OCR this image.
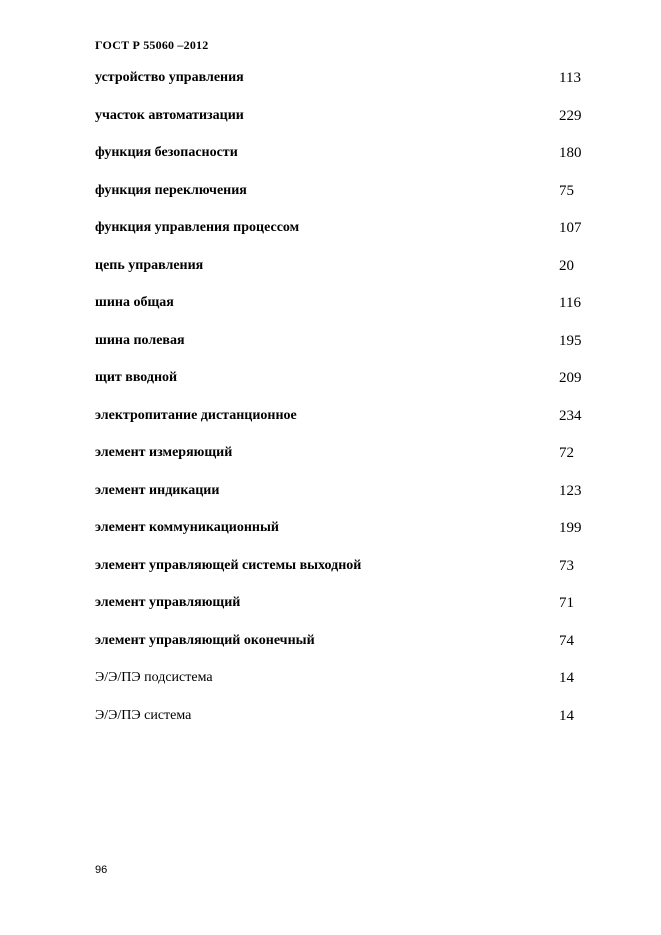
ГОСТ Р 55060 –2012
устройство управления	113
участок автоматизации	229
функция безопасности	180
функция переключения	75
функция управления процессом	107
цепь управления	20
шина общая	116
шина полевая	195
щит вводной	209
электропитание дистанционное	234
элемент измеряющий	72
элемент индикации	123
элемент коммуникационный	199
элемент управляющей системы выходной	73
элемент управляющий	71
элемент управляющий оконечный	74
Э/Э/ПЭ подсистема	14
Э/Э/ПЭ система	14
96
